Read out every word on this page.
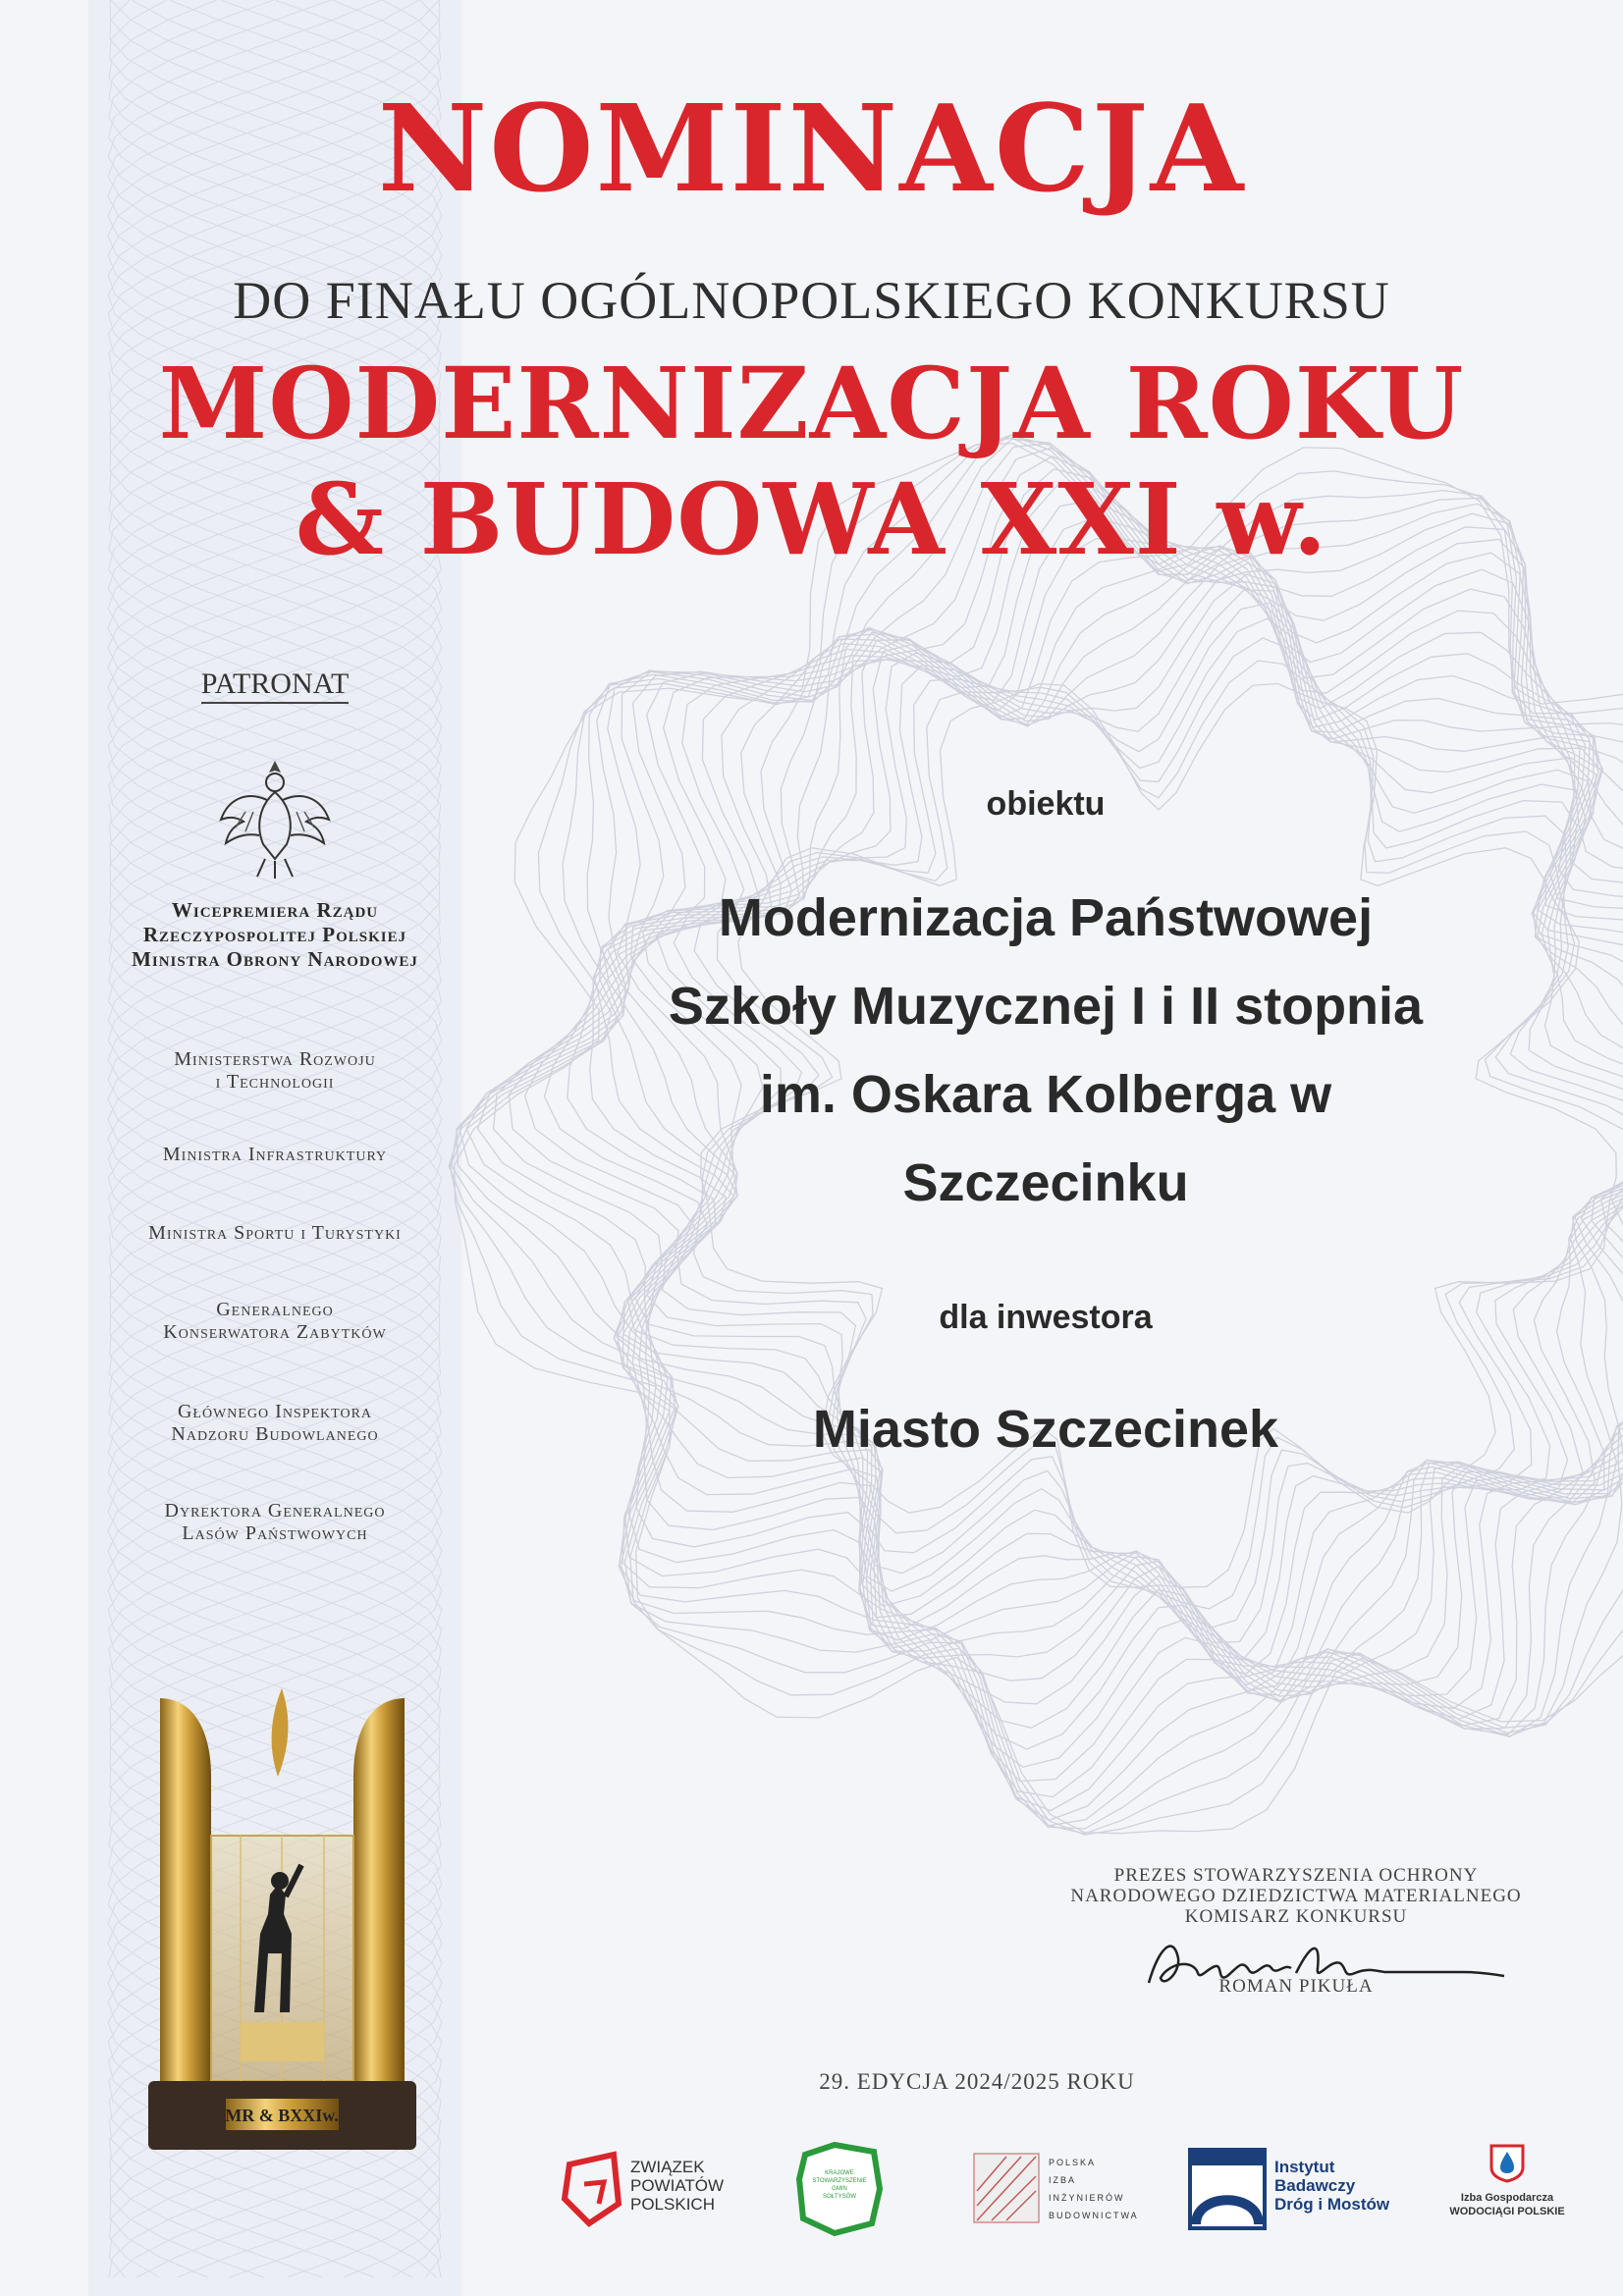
NOMINACJA
DO FINAŁU OGÓLNOPOLSKIEGO KONKURSU
MODERNIZACJA ROKU
& BUDOWA XXI w.
PATRONAT
Wicepremiera Rządu
Rzeczypospolitej Polskiej
Ministra Obrony Narodowej
Ministerstwa Rozwoju
i Technologii
Ministra Infrastruktury
Ministra Sportu i Turystyki
Generalnego
Konserwatora Zabytków
Głównego Inspektora
Nadzoru Budowlanego
Dyrektora Generalnego
Lasów Państwowych
obiektu
Modernizacja Państwowej
Szkoły Muzycznej I i II stopnia
im. Oskara Kolberga w
Szczecinku
dla inwestora
Miasto Szczecinek
PREZES STOWARZYSZENIA OCHRONY
NARODOWEGO DZIEDZICTWA MATERIALNEGO
KOMISARZ KONKURSU
ROMAN PIKUŁA
29. EDYCJA 2024/2025 ROKU
MR & BXXIw.
ZWIĄZEK
POWIATÓW
POLSKICH
KRAJOWE
STOWARZYSZENIE
GMIN
SOŁTYSÓW
POLSKA
IZBA
INŻYNIERÓW
BUDOWNICTWA
Instytut
Badawczy
Dróg i Mostów	Izba Gospodarcza
WODOCIĄGI POLSKIE
